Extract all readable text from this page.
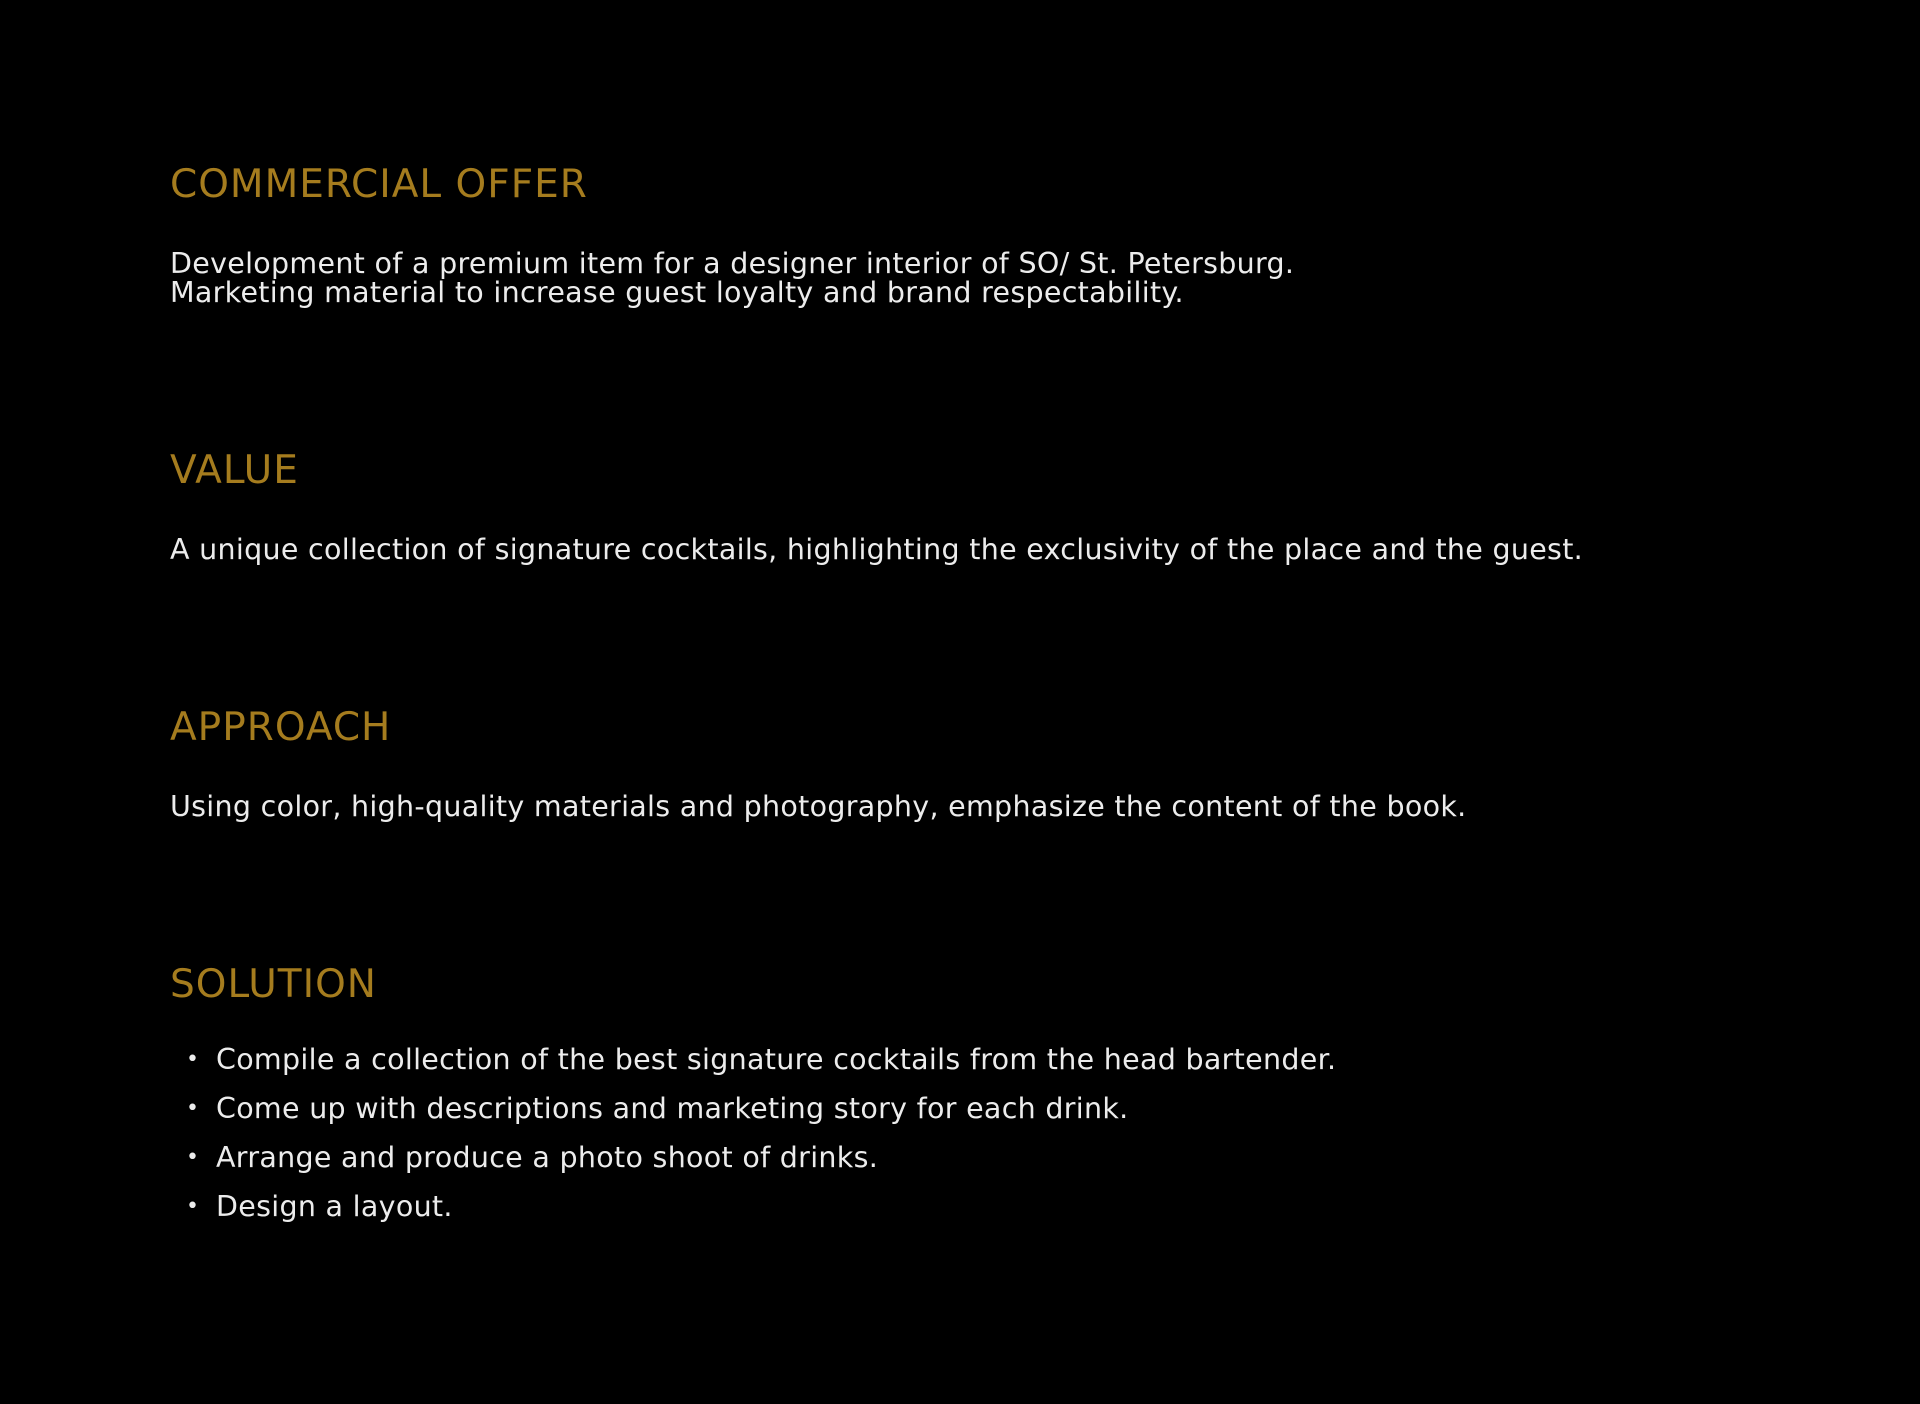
COMMERCIAL OFFER

Development of a premium item for a designer interior of SO/ St. Petersburg.
Marketing material to increase guest loyalty and brand respectability.

VALUE

A unique collection of signature cocktails, highlighting the exclusivity of the place and the guest.

APPROACH

Using color, high-quality materials and photography, emphasize the content of the book.

SOLUTION
• Compile a collection of the best signature cocktails from the head bartender.
• Come up with descriptions and marketing story for each drink.
• Arrange and produce a photo shoot of drinks.
• Design a layout.
